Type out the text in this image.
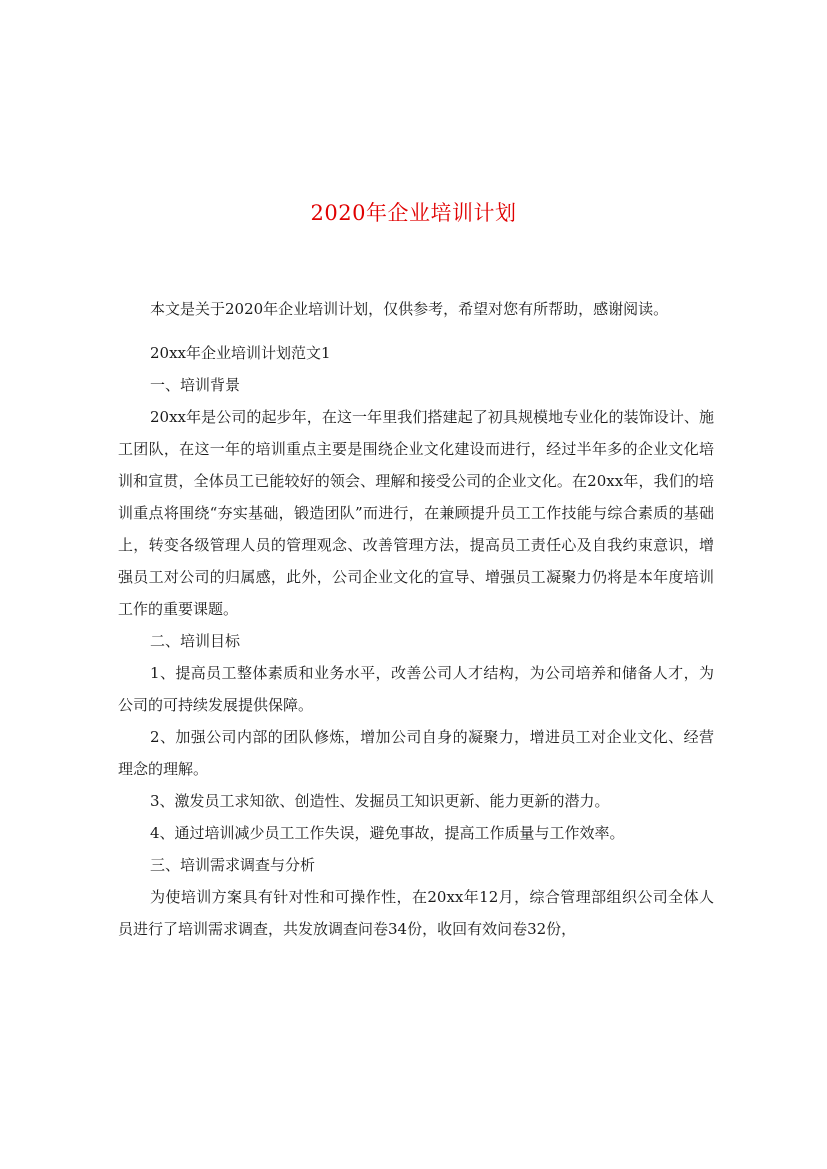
2020年企业培训计划

本文是关于2020年企业培训计划，仅供参考，希望对您有所帮助，感谢阅读。

20xx年企业培训计划范文1

一、培训背景

20xx年是公司的起步年，在这一年里我们搭建起了初具规模地专业化的装饰设计、施工团队，在这一年的培训重点主要是围绕企业文化建设而进行，经过半年多的企业文化培训和宣贯，全体员工已能较好的领会、理解和接受公司的企业文化。在20xx年，我们的培训重点将围绕“夯实基础，锻造团队”而进行，在兼顾提升员工工作技能与综合素质的基础上，转变各级管理人员的管理观念、改善管理方法，提高员工责任心及自我约束意识，增强员工对公司的归属感，此外，公司企业文化的宣导、增强员工凝聚力仍将是本年度培训工作的重要课题。

二、培训目标

1、提高员工整体素质和业务水平，改善公司人才结构，为公司培养和储备人才，为公司的可持续发展提供保障。

2、加强公司内部的团队修炼，增加公司自身的凝聚力，增进员工对企业文化、经营理念的理解。

3、激发员工求知欲、创造性、发掘员工知识更新、能力更新的潜力。

4、通过培训减少员工工作失误，避免事故，提高工作质量与工作效率。

三、培训需求调查与分析

为使培训方案具有针对性和可操作性，在20xx年12月，综合管理部组织公司全体人员进行了培训需求调查，共发放调查问卷34份，收回有效问卷32份，
